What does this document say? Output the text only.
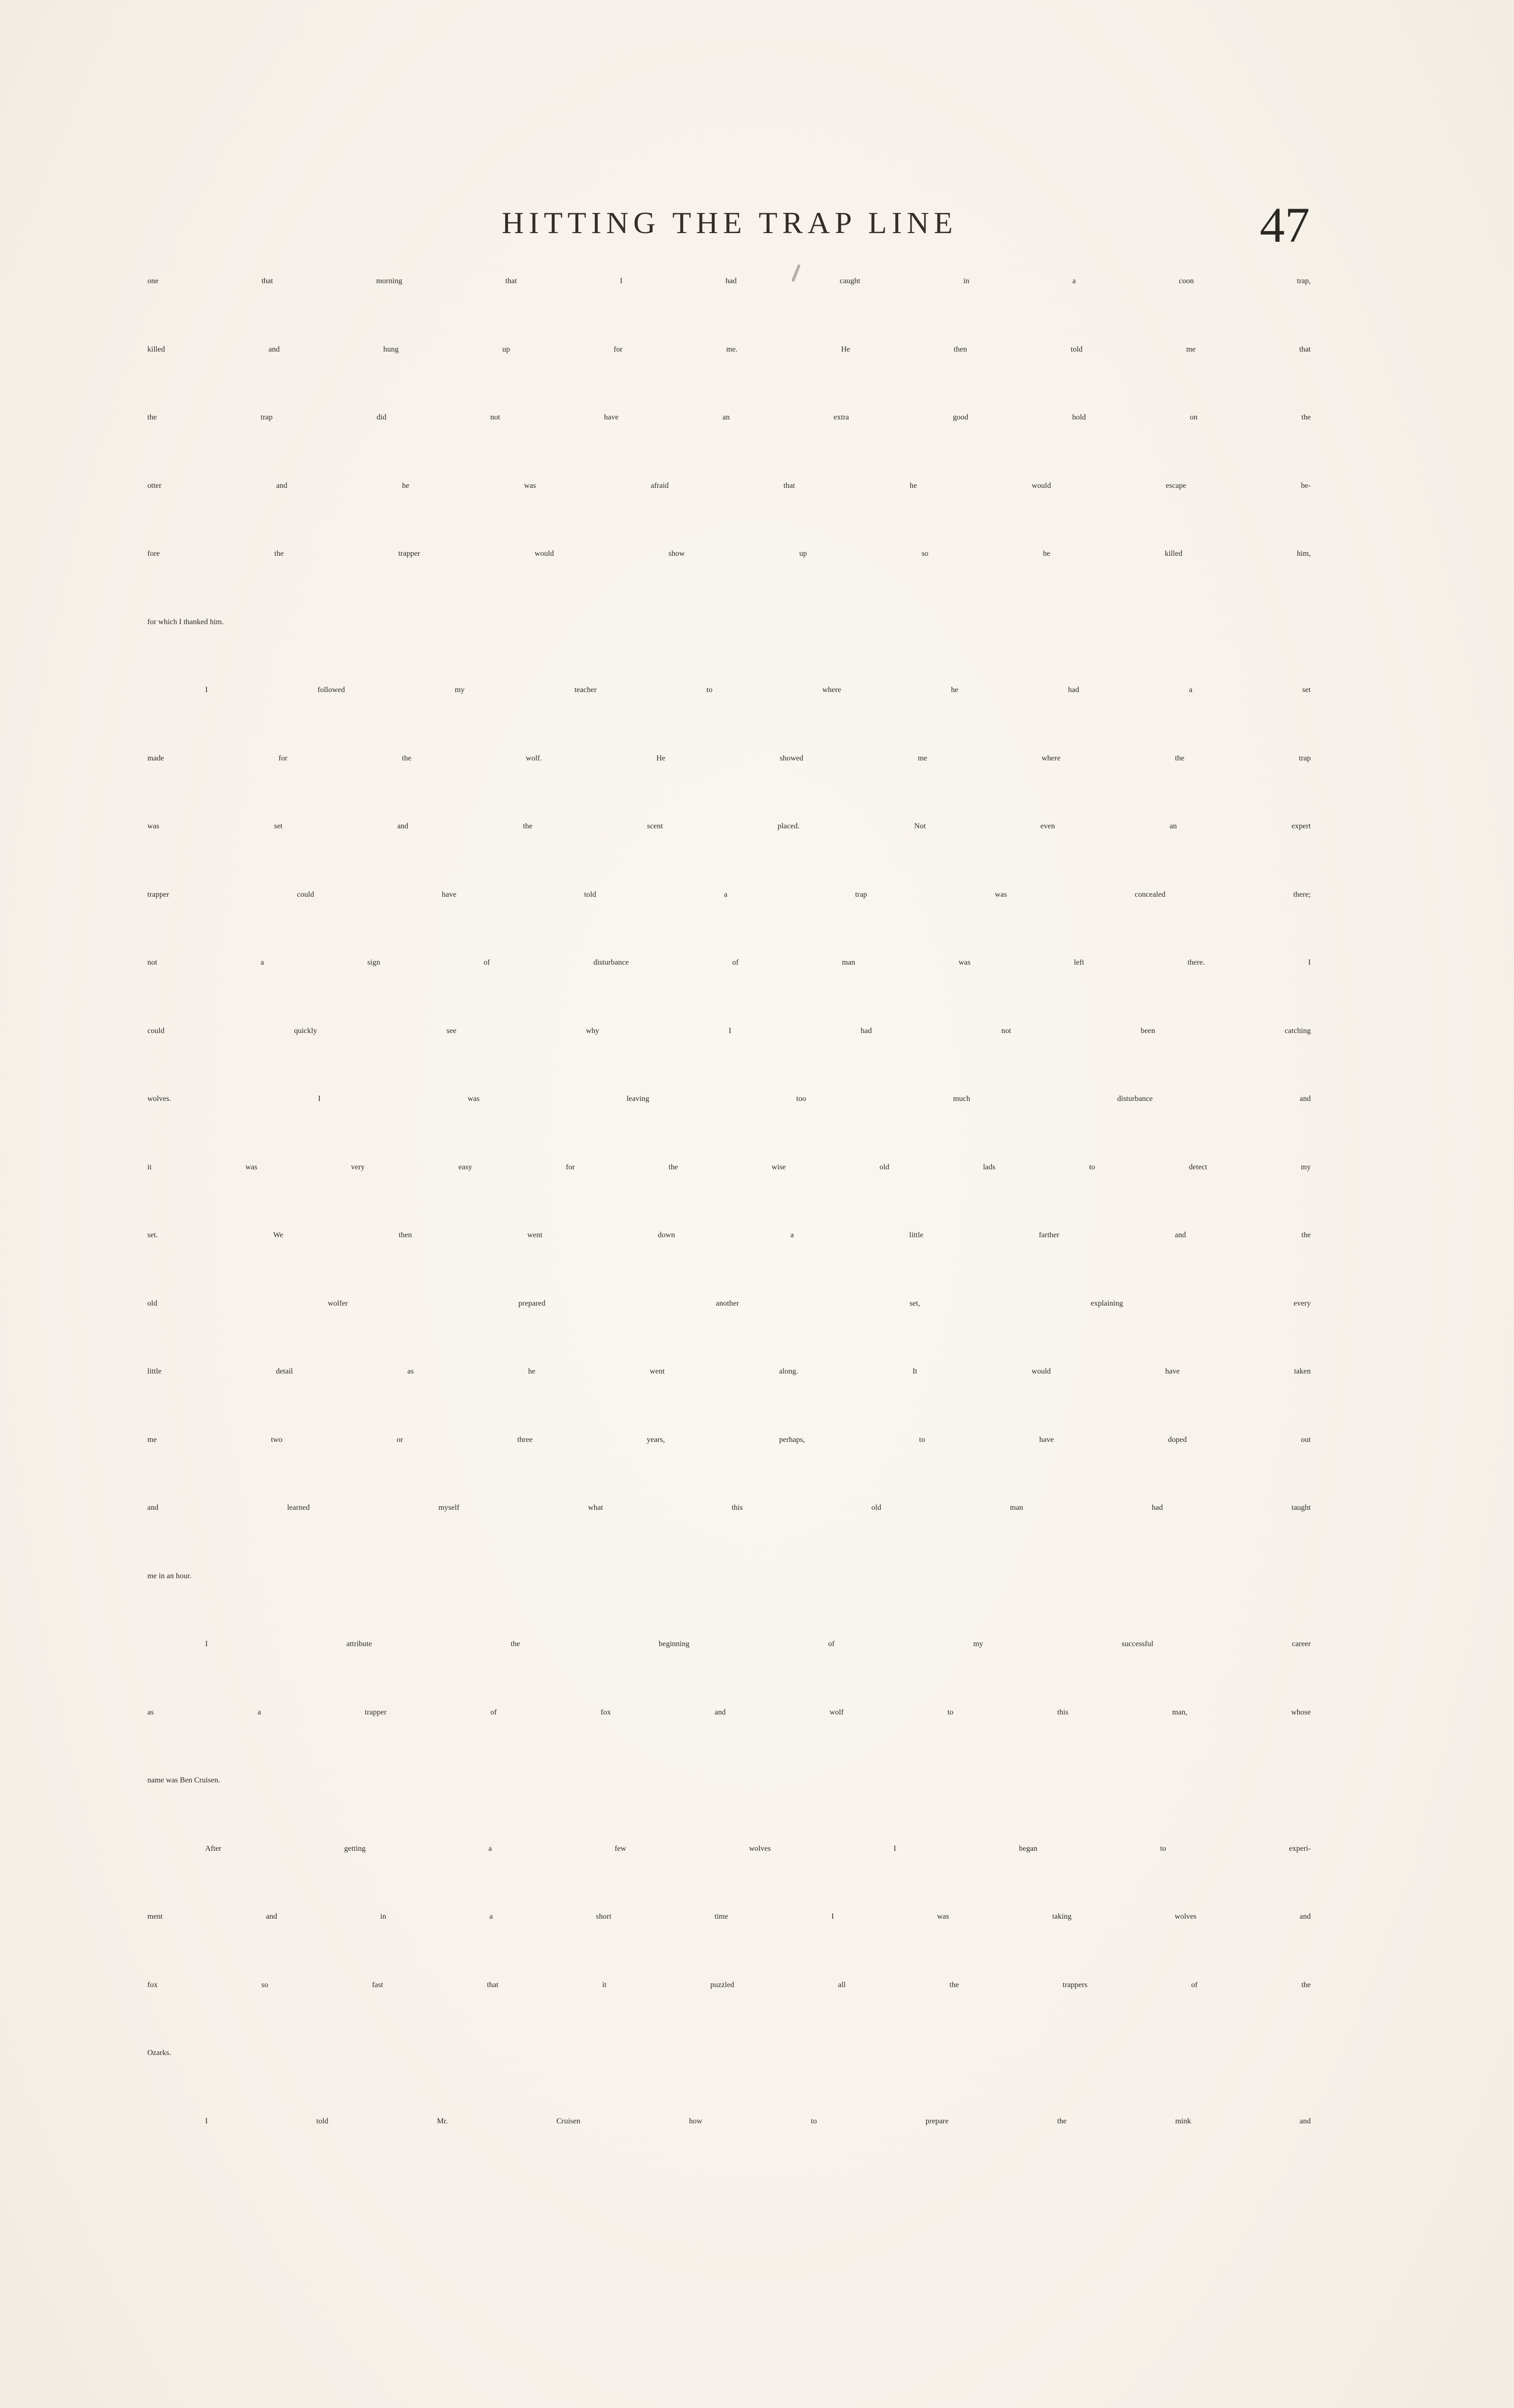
HITTING THE TRAP LINE	47
one that morning that I had caught in a coon trap,
killed and hung up for me. He then told me that
the trap did not have an extra good hold on the
otter and he was afraid that he would escape be-
fore the trapper would show up so he killed him,
for which I thanked him.
I followed my teacher to where he had a set
made for the wolf. He showed me where the trap
was set and the scent placed. Not even an expert
trapper could have told a trap was concealed there;
not a sign of disturbance of man was left there. I
could quickly see why I had not been catching
wolves. I was leaving too much disturbance and
it was very easy for the wise old lads to detect my
set. We then went down a little farther and the
old wolfer prepared another set, explaining every
little detail as he went along. It would have taken
me two or three years, perhaps, to have doped out
and learned myself what this old man had taught
me in an hour.
I attribute the beginning of my successful career
as a trapper of fox and wolf to this man, whose
name was Ben Cruisen.
After getting a few wolves I began to experi-
ment and in a short time I was taking wolves and
fox so fast that it puzzled all the trappers of the
Ozarks.
I told Mr. Cruisen how to prepare the mink and
